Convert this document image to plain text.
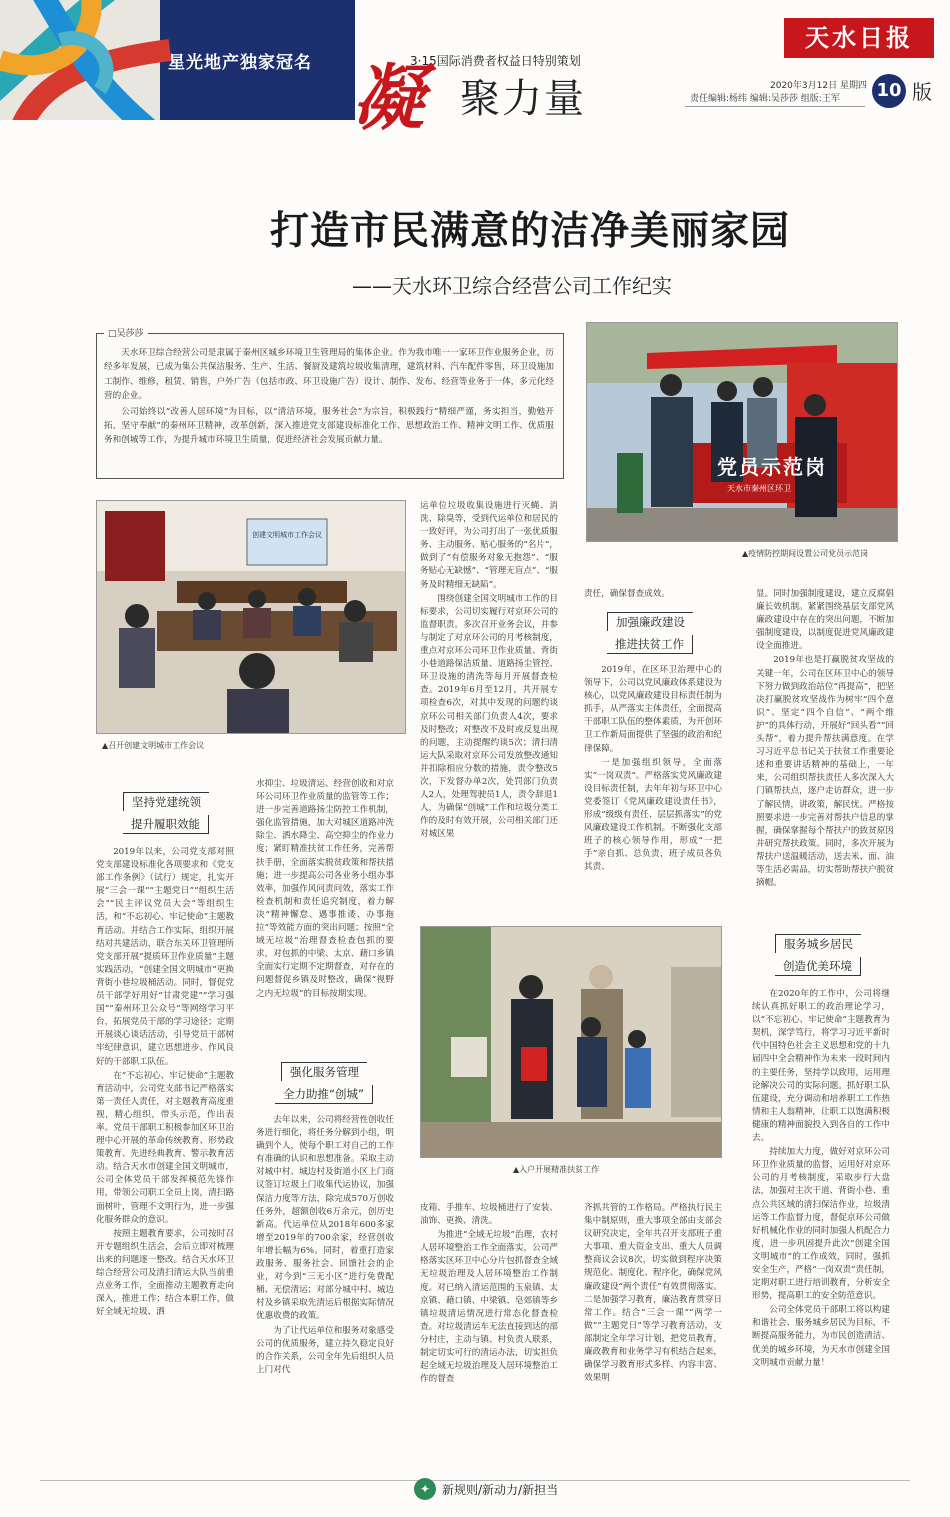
星光地产独家冠名	3·15国际消费者权益日特别策划
凝 聚力量
天水日报
2020年3月12日 星期四
责任编辑:杨纬 编辑:吴莎莎 组版:王军 10 版
打造市民满意的洁净美丽家园
——天水环卫综合经营公司工作纪实
□吴莎莎

天水环卫综合经营公司是隶属于秦州区城乡环境卫生管理局的集体企业。作为我市唯一一家环卫作业服务企业，历经多年发展，已成为集公共保洁服务、生产、生活、餐厨及建筑垃圾收集清理，建筑材料、汽车配件零售，环卫设施加工制作、维修，租赁、销售，户外广告（包括市政、环卫设施广告）设计、制作、发布、经营等业务于一体，多元化经营的企业。

公司始终以“改善人居环境”为目标，以“清洁环境，服务社会”为宗旨，积极践行“精细严谨，务实担当，勤勉开拓，坚守奉献”的秦州环卫精神，改革创新，深入推进党支部建设标准化工作、思想政治工作、精神文明工作、优质服务和创城等工作，为提升城市环境卫生质量，促进经济社会发展贡献力量。

创建文明城市工作会议
▲召开创建文明城市工作会议
党员示范岗
天水市秦州区环卫
▲疫情防控期间设置公司党员示范岗
▲入户开展精准扶贫工作
坚持党建统领
提升履职效能
强化服务管理
全力助推“创城”
加强廉政建设
推进扶贫工作
服务城乡居民
创造优美环境

2019年以来，公司党支部对照党支部建设标准化各项要求和《党支部工作条例》（试行）规定，扎实开展“三会一课”“主题党日”“组织生活会”“民主评议党员大会”等组织生活，和“不忘初心、牢记使命”主题教育活动。并结合工作实际，组织开展结对共建活动，联合东关环卫管理所党支部开展“提质环卫作业质量”主题实践活动，“创建全国文明城市”更换背街小巷垃圾桶活动。同时，督促党员干部学好用好“甘肃党建”“学习强国”“秦州环卫公众号”等网络学习平台，拓展党员干部的学习途径；定期开展谈心谈话活动，引导党员干部树牢纪律意识，建立思想进步、作风良好的干部职工队伍。

在“不忘初心、牢记使命”主题教育活动中，公司党支部书记严格落实第一责任人责任，对主题教育高度重视，精心组织，带头示范，作出表率。党员干部职工积极参加区环卫治理中心开展的革命传统教育、形势政策教育、先进经典教育、警示教育活动。结合天水市创建全国文明城市，公司全体党员干部发挥模范先锋作用，带领公司职工全员上岗，清扫路面树叶，管理不文明行为，进一步强化服务群众的意识。

按照主题教育要求，公司按时召开专题组织生活会，会后立即对梳理出来的问题逐一整改。结合天水环卫综合经营公司及清扫清运大队当前重点业务工作，全面推动主题教育走向深入，推进工作；结合本职工作，做好全域无垃圾、洒

水抑尘、垃圾清运、经营创收和对京环公司环卫作业质量的监管等工作；进一步完善道路扬尘防控工作机制，强化监管措施，加大对城区道路冲洗除尘、洒水降尘、高空抑尘的作业力度；紧盯精准扶贫工作任务，完善帮扶手册，全面落实脱贫政策和帮扶措施；进一步提高公司各业务小组办事效率，加强作风问责问效，落实工作检查机制和责任追究制度，着力解决“精神懈怠、遇事推诿、办事拖拉”等效能方面的突出问题；按照“全域无垃圾”治理督查检查包抓的要求，对包抓的中梁、太京、藉口乡镇全面实行定期不定期督查，对存在的问题督促乡镇及时整改，确保“视野之内无垃圾”的目标按期实现。

去年以来，公司将经营性创收任务进行细化，将任务分解到小组，明确到个人，使每个职工对自己的工作有准确的认识和思想准备。采取主动对城中村、城边村及街道小区上门商议签订垃圾上门收集代运协议，加强保洁力度等方法，除完成570万创收任务外，超额创收6万余元，创历史新高。代运单位从2018年600多家增至2019年的700余家，经营创收年增长幅为6%。同时，着重打造家政服务、服务社会、回馈社会的企业，对今到“三无小区”进行免费配桶、无偿清运；对部分城中村、城边村及乡镇采取先清运后根据实际情况优惠收费的政策。

为了让代运单位和服务对象感受公司的优质服务，建立持久稳定良好的合作关系，公司全年先后组织人员上门对代

运单位垃圾收集设施进行灭蝇、消洗、除臭等，受到代运单位和居民的一致好评，为公司打出了一张优质服务、主动服务、贴心服务的“名片”，做到了“有偿服务对象无抱怨”、“服务贴心无缺憾”、“管理无盲点”、“服务及时精细无缺陷”。

围绕创建全国文明城市工作的目标要求，公司切实履行对京环公司的监督职责。多次召开业务会议，并参与制定了对京环公司的月考核制度，重点对京环公司环卫作业质量、背街小巷道路保洁质量、道路扬尘管控、环卫设施的清洗等每月开展督查检查。2019年6月至12月，共开展专项检查6次，对其中发现的问题约谈京环公司相关部门负责人4次，要求及时整改；对整改不及时或反复出现的问题，主动提醒约谈5次；清扫清运大队采取对京环公司发放整改通知并扣除相应分数的措施，责令整改5次，下发督办单2次，处罚部门负责人2人，处理驾驶员1人，责令辞退1人，为确保“创城”工作和垃圾分类工作的及时有效开展，公司相关部门还对城区果

皮箱、手推车、垃圾桶进行了安装、油饰、更换、清洗。

为推进“全域无垃圾”治理，农村人居环境整治工作全面落实，公司严格落实区环卫中心分片包抓督查全域无垃圾治理及人居环境整治工作制度。对已纳入清运范围的玉泉镇、太京镇、藉口镇、中梁镇、皂郊镇等乡镇垃圾清运情况进行常态化督查检查。对垃圾清运车无法直接到达的部分村庄，主动与镇、村负责人联系，制定切实可行的清运办法，切实担负起全域无垃圾治理及人居环境整治工作的督查

责任，确保督查成效。

2019年，在区环卫治理中心的领导下，公司以党风廉政体系建设为核心，以党风廉政建设目标责任制为抓手，从严落实主体责任，全面提高干部职工队伍的整体素质，为开创环卫工作新局面提供了坚强的政治和纪律保障。

一是加强组织领导，全面落实“一岗双责”。严格落实党风廉政建设目标责任制，去年年初与环卫中心党委签订《党风廉政建设责任书》，形成“级级有责任、层层抓落实”的党风廉政建设工作机制。不断强化支部班子的核心领导作用，形成“一把手”亲自抓、总负责，班子成员各负其责、

齐抓共管的工作格局。严格执行民主集中制原则，重大事项全部由支部会议研究决定，全年共召开支部班子重大事项、重大资金支出、重大人员调整商议会议8次，切实做到程序决策规范化、制度化、程序化，确保党风廉政建设“两个责任”有效贯彻落实。二是加强学习教育，廉洁教育贯穿日常工作。结合“三会一课”“两学一做”“主题党日”等学习教育活动，支部制定全年学习计划，把党员教育，廉政教育和业务学习有机结合起来，确保学习教育形式多样、内容丰富、效果明

显。同时加强制度建设，建立反腐倡廉长效机制。紧紧围绕基层支部党风廉政建设中存在的突出问题，不断加强制度建设，以制度促进党风廉政建设全面推进。

2019年也是打赢脱贫攻坚战的关键一年，公司在区环卫中心的领导下努力做到政治站位“再提高”，把坚决打赢脱贫攻坚战作为树牢“四个意识”、坚定“四个自信”、“两个维护”的具体行动，开展好“回头看”“回头帮”，着力提升帮扶满意度。在学习习近平总书记关于扶贫工作重要论述和重要讲话精神的基础上，一年来，公司组织帮扶责任人多次深入大门镇帮扶点，逐户走访群众，进一步了解民情，讲政策，解民忧。严格按照要求进一步完善对帮扶户信息的掌握，确保掌握每个帮扶户的致贫原因并研究帮扶政策。同时，多次开展为帮扶户送温暖活动，送去米、面、油等生活必需品，切实帮助帮扶户脱贫摘帽。

在2020年的工作中，公司将继续认真抓好职工的政治理论学习，以“不忘初心、牢记使命”主题教育为契机，深学笃行，将学习习近平新时代中国特色社会主义思想和党的十九届四中全会精神作为未来一段时间内的主要任务，坚持学以致用，运用理论解决公司的实际问题。抓好职工队伍建设，充分调动和培养职工工作热情和主人翁精神，让职工以饱满积极健康的精神面貌投入到各自的工作中去。

持续加大力度，做好对京环公司环卫作业质量的监督，运用好对京环公司的月考核制度，采取步行大盘法，加强对主次干道、背街小巷、重点公共区域的清扫保洁作业，垃圾清运等工作监督力度，督促京环公司做好机械化作业的同时加强人机配合力度，进一步巩固提升此次“创建全国文明城市”的工作成效，同时，强抓安全生产，严格“一岗双责”责任制，定期对职工进行培训教育，分析安全形势，提高职工的安全防范意识。

公司全体党员干部职工将以构建和谐社会、服务城乡居民为目标，不断提高服务能力，为市民创造清洁、优美的城乡环境，为天水市创建全国文明城市贡献力量！

✦ 新规则/新动力/新担当
